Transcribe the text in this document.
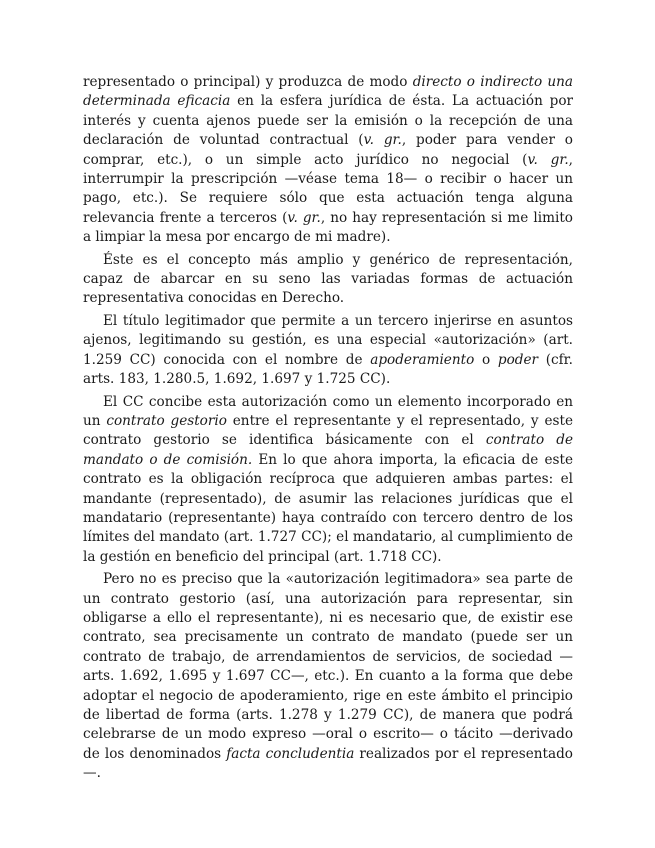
representado o principal) y produzca de modo directo o indirecto una determinada eficacia en la esfera jurídica de ésta. La actuación por interés y cuenta ajenos puede ser la emisión o la recepción de una declaración de voluntad contractual (v. gr., poder para vender o comprar, etc.), o un simple acto jurídico no negocial (v. gr., interrumpir la prescripción —véase tema 18— o recibir o hacer un pago, etc.). Se requiere sólo que esta actuación tenga alguna relevancia frente a terceros (v. gr., no hay representación si me limito a limpiar la mesa por encargo de mi madre).

Éste es el concepto más amplio y genérico de representación, capaz de abarcar en su seno las variadas formas de actuación representativa conocidas en Derecho.

El título legitimador que permite a un tercero injerirse en asuntos ajenos, legitimando su gestión, es una especial «autorización» (art. 1.259 CC) conocida con el nombre de apoderamiento o poder (cfr. arts. 183, 1.280.5, 1.692, 1.697 y 1.725 CC).

El CC concibe esta autorización como un elemento incorporado en un contrato gestorio entre el representante y el representado, y este contrato gestorio se identifica básicamente con el contrato de mandato o de comisión. En lo que ahora importa, la eficacia de este contrato es la obligación recíproca que adquieren ambas partes: el mandante (representado), de asumir las relaciones jurídicas que el mandatario (representante) haya contraído con tercero dentro de los límites del mandato (art. 1.727 CC); el mandatario, al cumplimiento de la gestión en beneficio del principal (art. 1.718 CC).

Pero no es preciso que la «autorización legitimadora» sea parte de un contrato gestorio (así, una autorización para representar, sin obligarse a ello el representante), ni es necesario que, de existir ese contrato, sea precisamente un contrato de mandato (puede ser un contrato de trabajo, de arrendamientos de servicios, de sociedad —arts. 1.692, 1.695 y 1.697 CC—, etc.). En cuanto a la forma que debe adoptar el negocio de apoderamiento, rige en este ámbito el principio de libertad de forma (arts. 1.278 y 1.279 CC), de manera que podrá celebrarse de un modo expreso —oral o escrito— o tácito —derivado de los denominados facta concludentia realizados por el representado—.
